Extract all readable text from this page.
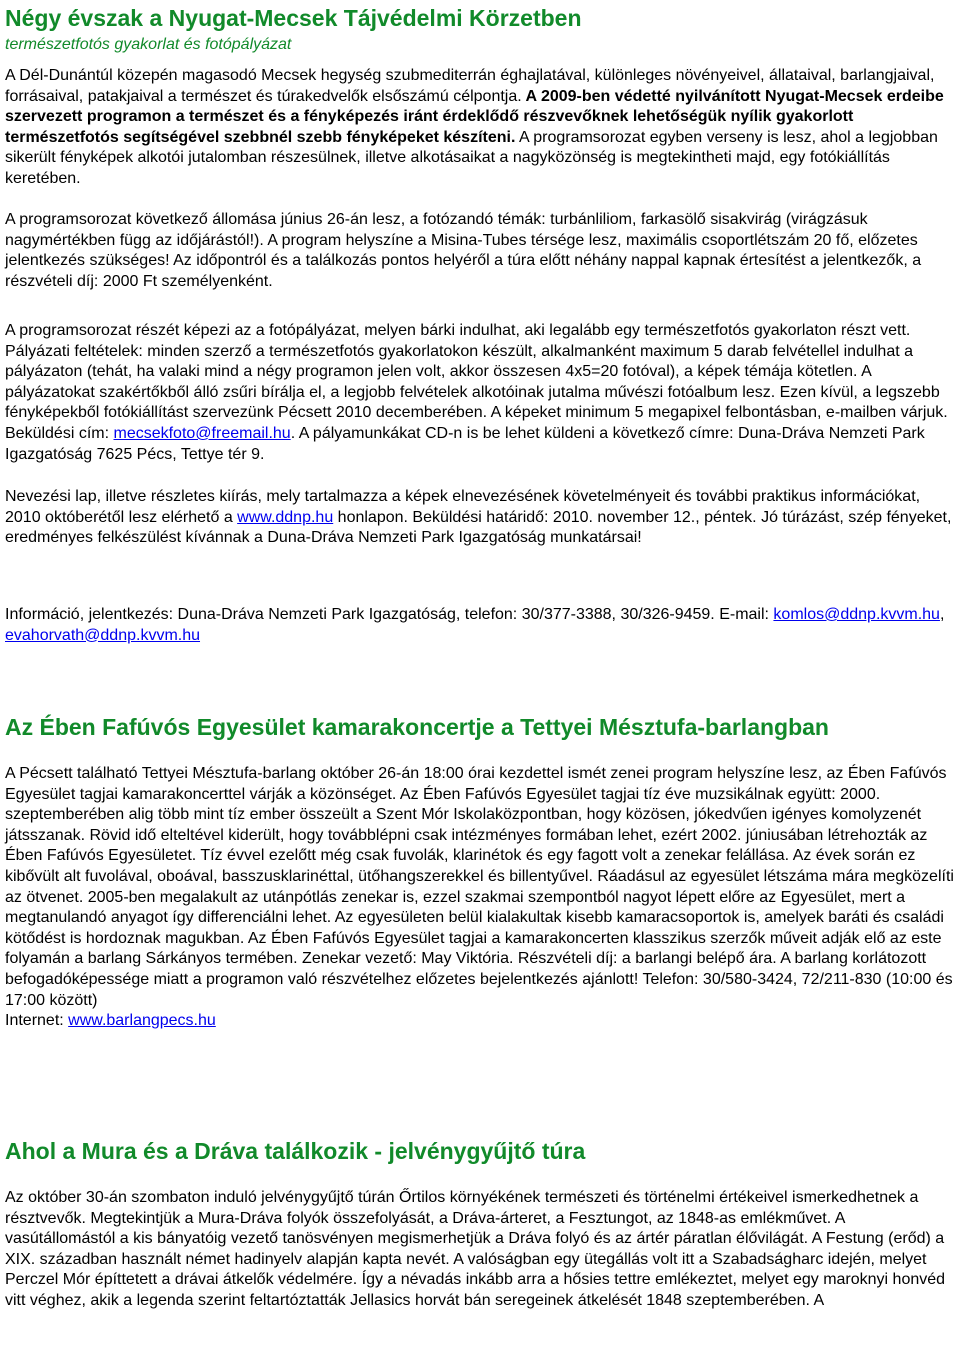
Négy évszak a Nyugat-Mecsek Tájvédelmi Körzetben

természetfotós gyakorlat és fotópályázat

A Dél-Dunántúl közepén magasodó Mecsek hegység szubmediterrán éghajlatával, különleges növényeivel, állataival, barlangjaival, forrásaival, patakjaival a természet és túrakedvelők elsőszámú célpontja. A 2009-ben védetté nyilvánított Nyugat-Mecsek erdeibe szervezett programon a természet és a fényképezés iránt érdeklődő részvevőknek lehetőségük nyílik gyakorlott természetfotós segítségével szebbnél szebb fényképeket készíteni. A programsorozat egyben verseny is lesz, ahol a legjobban sikerült fényképek alkotói jutalomban részesülnek, illetve alkotásaikat a nagyközönség is megtekintheti majd, egy fotókiállítás keretében.

A programsorozat következő állomása június 26-án lesz, a fotózandó témák: turbánliliom, farkasölő sisakvirág (virágzásuk nagymértékben függ az időjárástól!). A program helyszíne a Misina-Tubes térsége lesz, maximális csoportlétszám 20 fő, előzetes jelentkezés szükséges! Az időpontról és a találkozás pontos helyéről a túra előtt néhány nappal kapnak értesítést a jelentkezők, a részvételi díj: 2000 Ft személyenként.

A programsorozat részét képezi az a fotópályázat, melyen bárki indulhat, aki legalább egy természetfotós gyakorlaton részt vett. Pályázati feltételek: minden szerző a természetfotós gyakorlatokon készült, alkalmanként maximum 5 darab felvétellel indulhat a pályázaton (tehát, ha valaki mind a négy programon jelen volt, akkor összesen 4x5=20 fotóval), a képek témája kötetlen. A pályázatokat szakértőkből álló zsűri bírálja el, a legjobb felvételek alkotóinak jutalma művészi fotóalbum lesz. Ezen kívül, a legszebb fényképekből fotókiállítást szervezünk Pécsett 2010 decemberében. A képeket minimum 5 megapixel felbontásban, e-mailben várjuk. Beküldési cím: mecsekfoto@freemail.hu. A pályamunkákat CD-n is be lehet küldeni a következő címre: Duna-Dráva Nemzeti Park Igazgatóság 7625 Pécs, Tettye tér 9.

Nevezési lap, illetve részletes kiírás, mely tartalmazza a képek elnevezésének követelményeit és további praktikus információkat, 2010 októberétől lesz elérhető a www.ddnp.hu honlapon. Beküldési határidő: 2010. november 12., péntek. Jó túrázást, szép fényeket, eredményes felkészülést kívánnak a Duna-Dráva Nemzeti Park Igazgatóság munkatársai!

Információ, jelentkezés: Duna-Dráva Nemzeti Park Igazgatóság, telefon: 30/377-3388, 30/326-9459. E-mail: komlos@ddnp.kvvm.hu, evahorvath@ddnp.kvvm.hu

Az Ében Fafúvós Egyesület kamarakoncertje a Tettyei Mésztufa-barlangban

A Pécsett található Tettyei Mésztufa-barlang október 26-án 18:00 órai kezdettel ismét zenei program helyszíne lesz, az Ében Fafúvós Egyesület tagjai kamarakoncerttel várják a közönséget. Az Ében Fafúvós Egyesület tagjai tíz éve muzsikálnak együtt: 2000. szeptemberében alig több mint tíz ember összeült a Szent Mór Iskolaközpontban, hogy közösen, jókedvűen igényes komolyzenét játsszanak. Rövid idő elteltével kiderült, hogy továbblépni csak intézményes formában lehet, ezért 2002. júniusában létrehozták az Ében Fafúvós Egyesületet. Tíz évvel ezelőtt még csak fuvolák, klarinétok és egy fagott volt a zenekar felállása. Az évek során ez kibővült alt fuvolával, oboával, basszusklarinéttal, ütőhangszerekkel és billentyűvel. Ráadásul az egyesület létszáma mára megközelíti az ötvenet. 2005-ben megalakult az utánpótlás zenekar is, ezzel szakmai szempontból nagyot lépett előre az Egyesület, mert a megtanulandó anyagot így differenciálni lehet. Az egyesületen belül kialakultak kisebb kamaracsoportok is, amelyek baráti és családi kötődést is hordoznak magukban. Az Ében Fafúvós Egyesület tagjai a kamarakoncerten klasszikus szerzők műveit adják elő az este folyamán a barlang Sárkányos termében. Zenekar vezető: May Viktória. Részvételi díj: a barlangi belépő ára. A barlang korlátozott befogadóképessége miatt a programon való részvételhez előzetes bejelentkezés ajánlott! Telefon: 30/580-3424, 72/211-830 (10:00 és 17:00 között)
Internet: www.barlangpecs.hu

Ahol a Mura és a Dráva találkozik - jelvénygyűjtő túra

Az október 30-án szombaton induló jelvénygyűjtő túrán Őrtilos környékének természeti és történelmi értékeivel ismerkedhetnek a résztvevők. Megtekintjük a Mura-Dráva folyók összefolyását, a Dráva-árteret, a Fesztungot, az 1848-as emlékművet. A vasútállomástól a kis bányatóig vezető tanösvényen megismerhetjük a Dráva folyó és az ártér páratlan élővilágát. A Festung (erőd) a XIX. században használt német hadinyelv alapján kapta nevét. A valóságban egy ütegállás volt itt a Szabadságharc idején, melyet Perczel Mór építtetett a drávai átkelők védelmére. Így a névadás inkább arra a hősies tettre emlékeztet, melyet egy maroknyi honvéd vitt véghez, akik a legenda szerint feltartóztatták Jellasics horvát bán seregeinek átkelését 1848 szeptemberében. A
